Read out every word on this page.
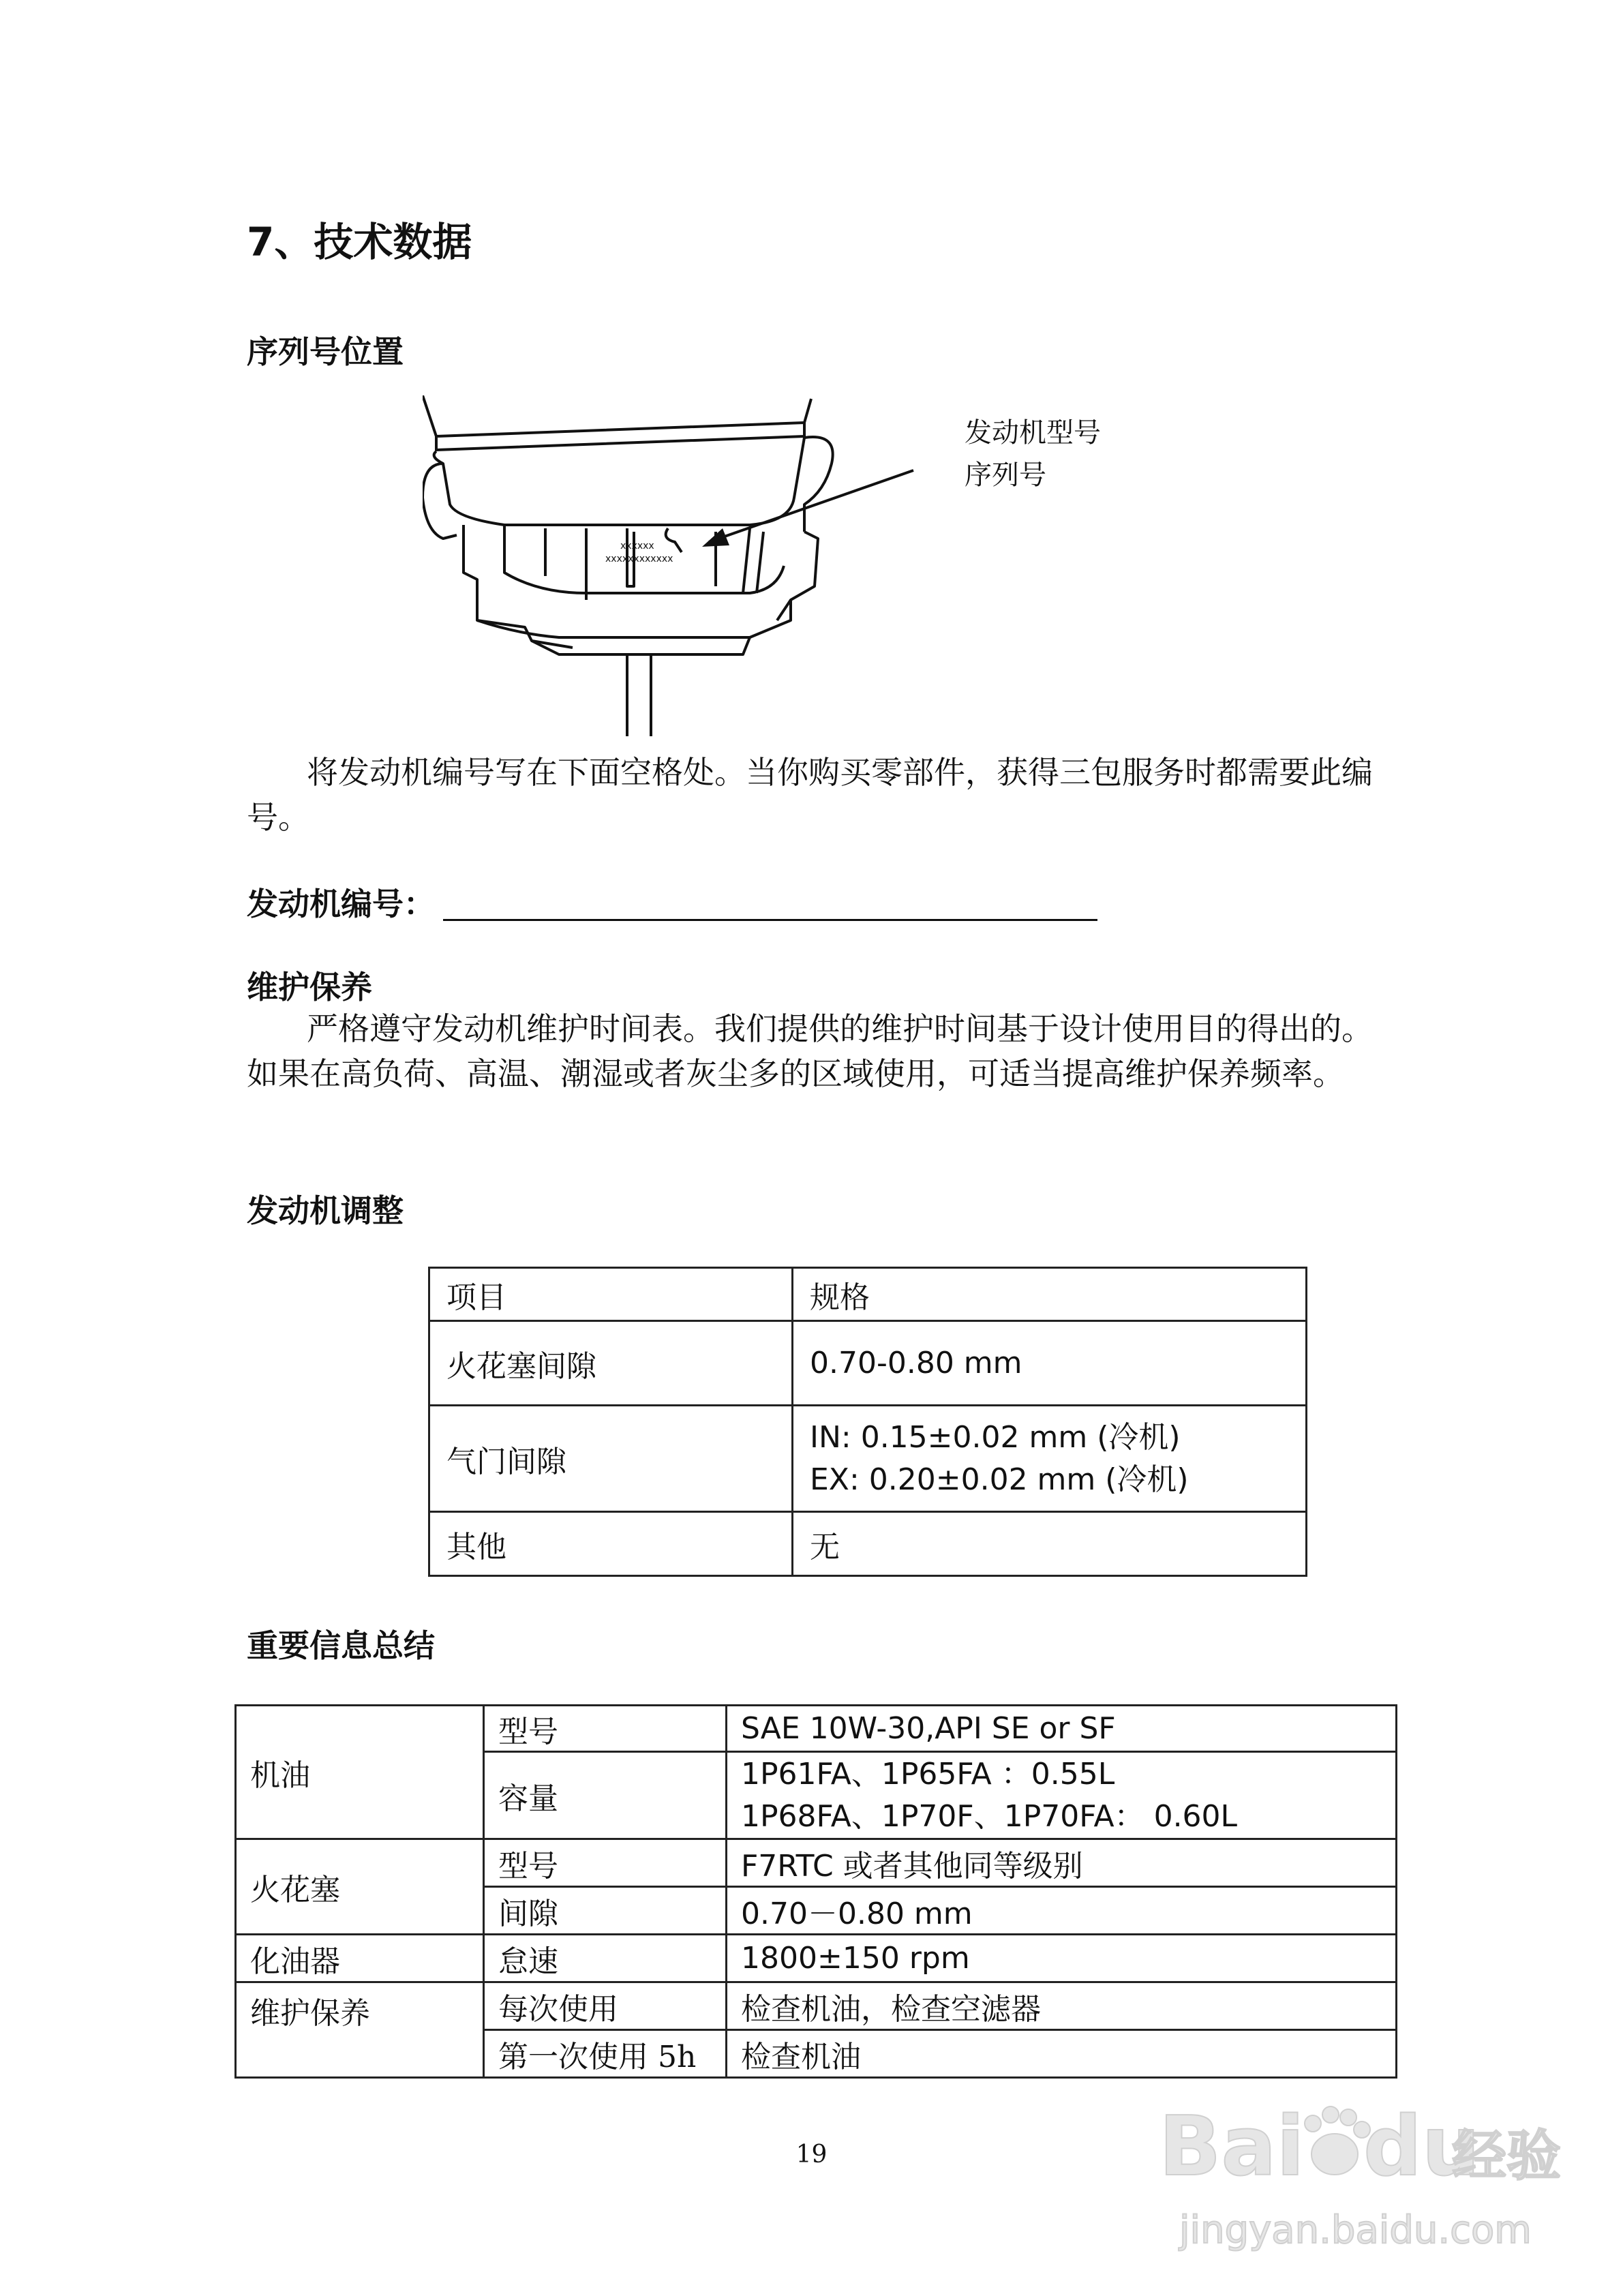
7、技术数据
序列号位置
xxxxxx
xxxxxxxxxxxx
发动机型号
序列号
将发动机编号写在下面空格处。当你购买零部件，获得三包服务时都需要此编号。
发动机编号：
维护保养
严格遵守发动机维护时间表。我们提供的维护时间基于设计使用目的得出的。如果在高负荷、高温、潮湿或者灰尘多的区域使用，可适当提高维护保养频率。
发动机调整
项目	规格
火花塞间隙	0.70-0.80 mm
气门间隙	IN: 0.15±0.02 mm (冷机)
EX: 0.20±0.02 mm (冷机)

其他	无
重要信息总结
机油	型号	SAE 10W-30,API SE or SF
	容量	1P61FA、1P65FA ：0.55L
1P68FA、1P70F、1P70FA： 0.60L

火花塞	型号	F7RTC 或者其他同等级别
	间隙	0.70－0.80 mm
化油器	怠速	1800±150 rpm
维护保养	每次使用	检查机油，检查空滤器
	第一次使用 5h	检查机油
19	Bai du
经验
jingyan.baidu.com
